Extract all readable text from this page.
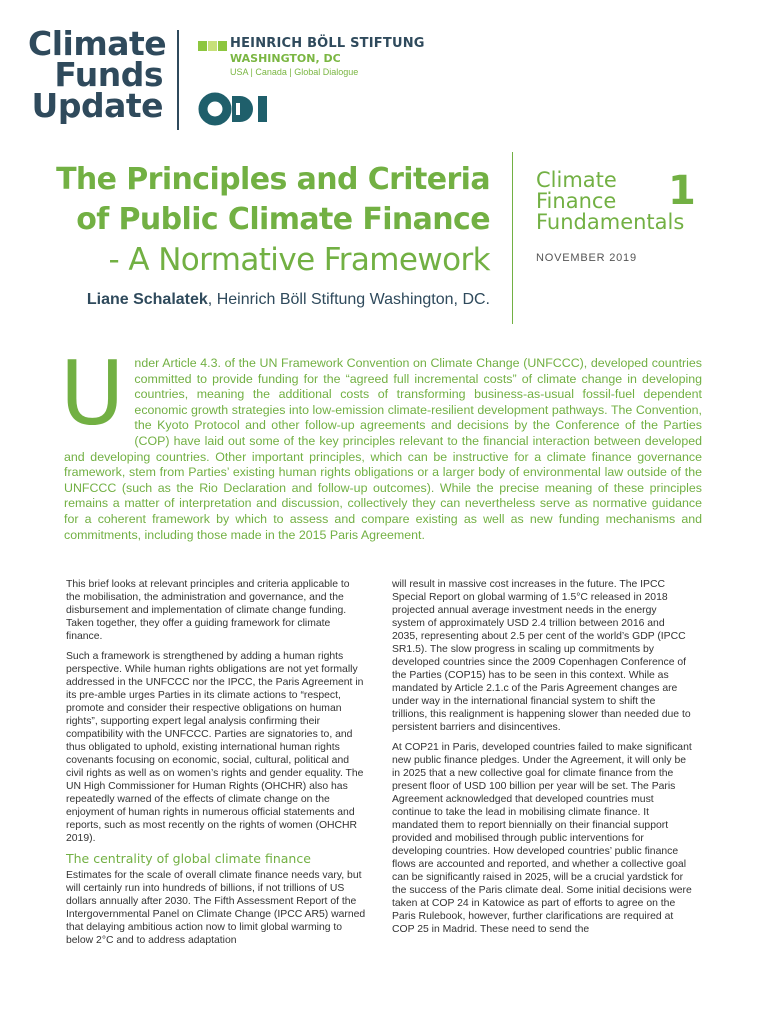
Climate
Funds
Update
HEINRICH BÖLL STIFTUNG
WASHINGTON, DC
USA | Canada | Global Dialogue
The Principles and Criteria
of Public Climate Finance
- A Normative Framework
Liane Schalatek, Heinrich Böll Stiftung Washington, DC.
Climate
Finance
Fundamentals
1
NOVEMBER 2019
Under Article 4.3. of the UN Framework Convention on Climate Change (UNFCCC), developed countries committed to provide funding for the “agreed full incremental costs” of climate change in developing countries, meaning the additional costs of transforming business-as-usual fossil-fuel dependent economic growth strategies into low-emission climate-resilient development pathways. The Convention, the Kyoto Protocol and other follow-up agreements and decisions by the Conference of the Parties (COP) have laid out some of the key principles relevant to the financial interaction between developed and developing countries. Other important principles, which can be instructive for a climate finance governance framework, stem from Parties’ existing human rights obligations or a larger body of environmental law outside of the UNFCCC (such as the Rio Declaration and follow-up outcomes). While the precise meaning of these principles remains a matter of interpretation and discussion, collectively they can nevertheless serve as normative guidance for a coherent framework by which to assess and compare existing as well as new funding mechanisms and commitments, including those made in the 2015 Paris Agreement.

This brief looks at relevant principles and criteria applicable to the mobilisation, the administration and governance, and the disbursement and implementation of climate change funding. Taken together, they offer a guiding framework for climate finance.

Such a framework is strengthened by adding a human rights perspective. While human rights obligations are not yet formally addressed in the UNFCCC nor the IPCC, the Paris Agreement in its pre-amble urges Parties in its climate actions to “respect, promote and consider their respective obligations on human rights”, supporting expert legal analysis confirming their compatibility with the UNFCCC. Parties are signatories to, and thus obligated to uphold, existing international human rights covenants focusing on economic, social, cultural, political and civil rights as well as on women’s rights and gender equality. The UN High Commissioner for Human Rights (OHCHR) also has repeatedly warned of the effects of climate change on the enjoyment of human rights in numerous official statements and reports, such as most recently on the rights of women (OHCHR 2019).

The centrality of global climate finance

Estimates for the scale of overall climate finance needs vary, but will certainly run into hundreds of billions, if not trillions of US dollars annually after 2030. The Fifth Assessment Report of the Intergovernmental Panel on Climate Change (IPCC AR5) warned that delaying ambitious action now to limit global warming to below 2°C and to address adaptation

will result in massive cost increases in the future. The IPCC Special Report on global warming of 1.5°C released in 2018 projected annual average investment needs in the energy system of approximately USD 2.4 trillion between 2016 and 2035, representing about 2.5 per cent of the world’s GDP (IPCC SR1.5). The slow progress in scaling up commitments by developed countries since the 2009 Copenhagen Conference of the Parties (COP15) has to be seen in this context. While as mandated by Article 2.1.c of the Paris Agreement changes are under way in the international financial system to shift the trillions, this realignment is happening slower than needed due to persistent barriers and disincentives.

At COP21 in Paris, developed countries failed to make significant new public finance pledges. Under the Agreement, it will only be in 2025 that a new collective goal for climate finance from the present floor of USD 100 billion per year will be set. The Paris Agreement acknowledged that developed countries must continue to take the lead in mobilising climate finance. It mandated them to report biennially on their financial support provided and mobilised through public interventions for developing countries. How developed countries’ public finance flows are accounted and reported, and whether a collective goal can be significantly raised in 2025, will be a crucial yardstick for the success of the Paris climate deal. Some initial decisions were taken at COP 24 in Katowice as part of efforts to agree on the Paris Rulebook, however, further clarifications are required at COP 25 in Madrid. These need to send the
